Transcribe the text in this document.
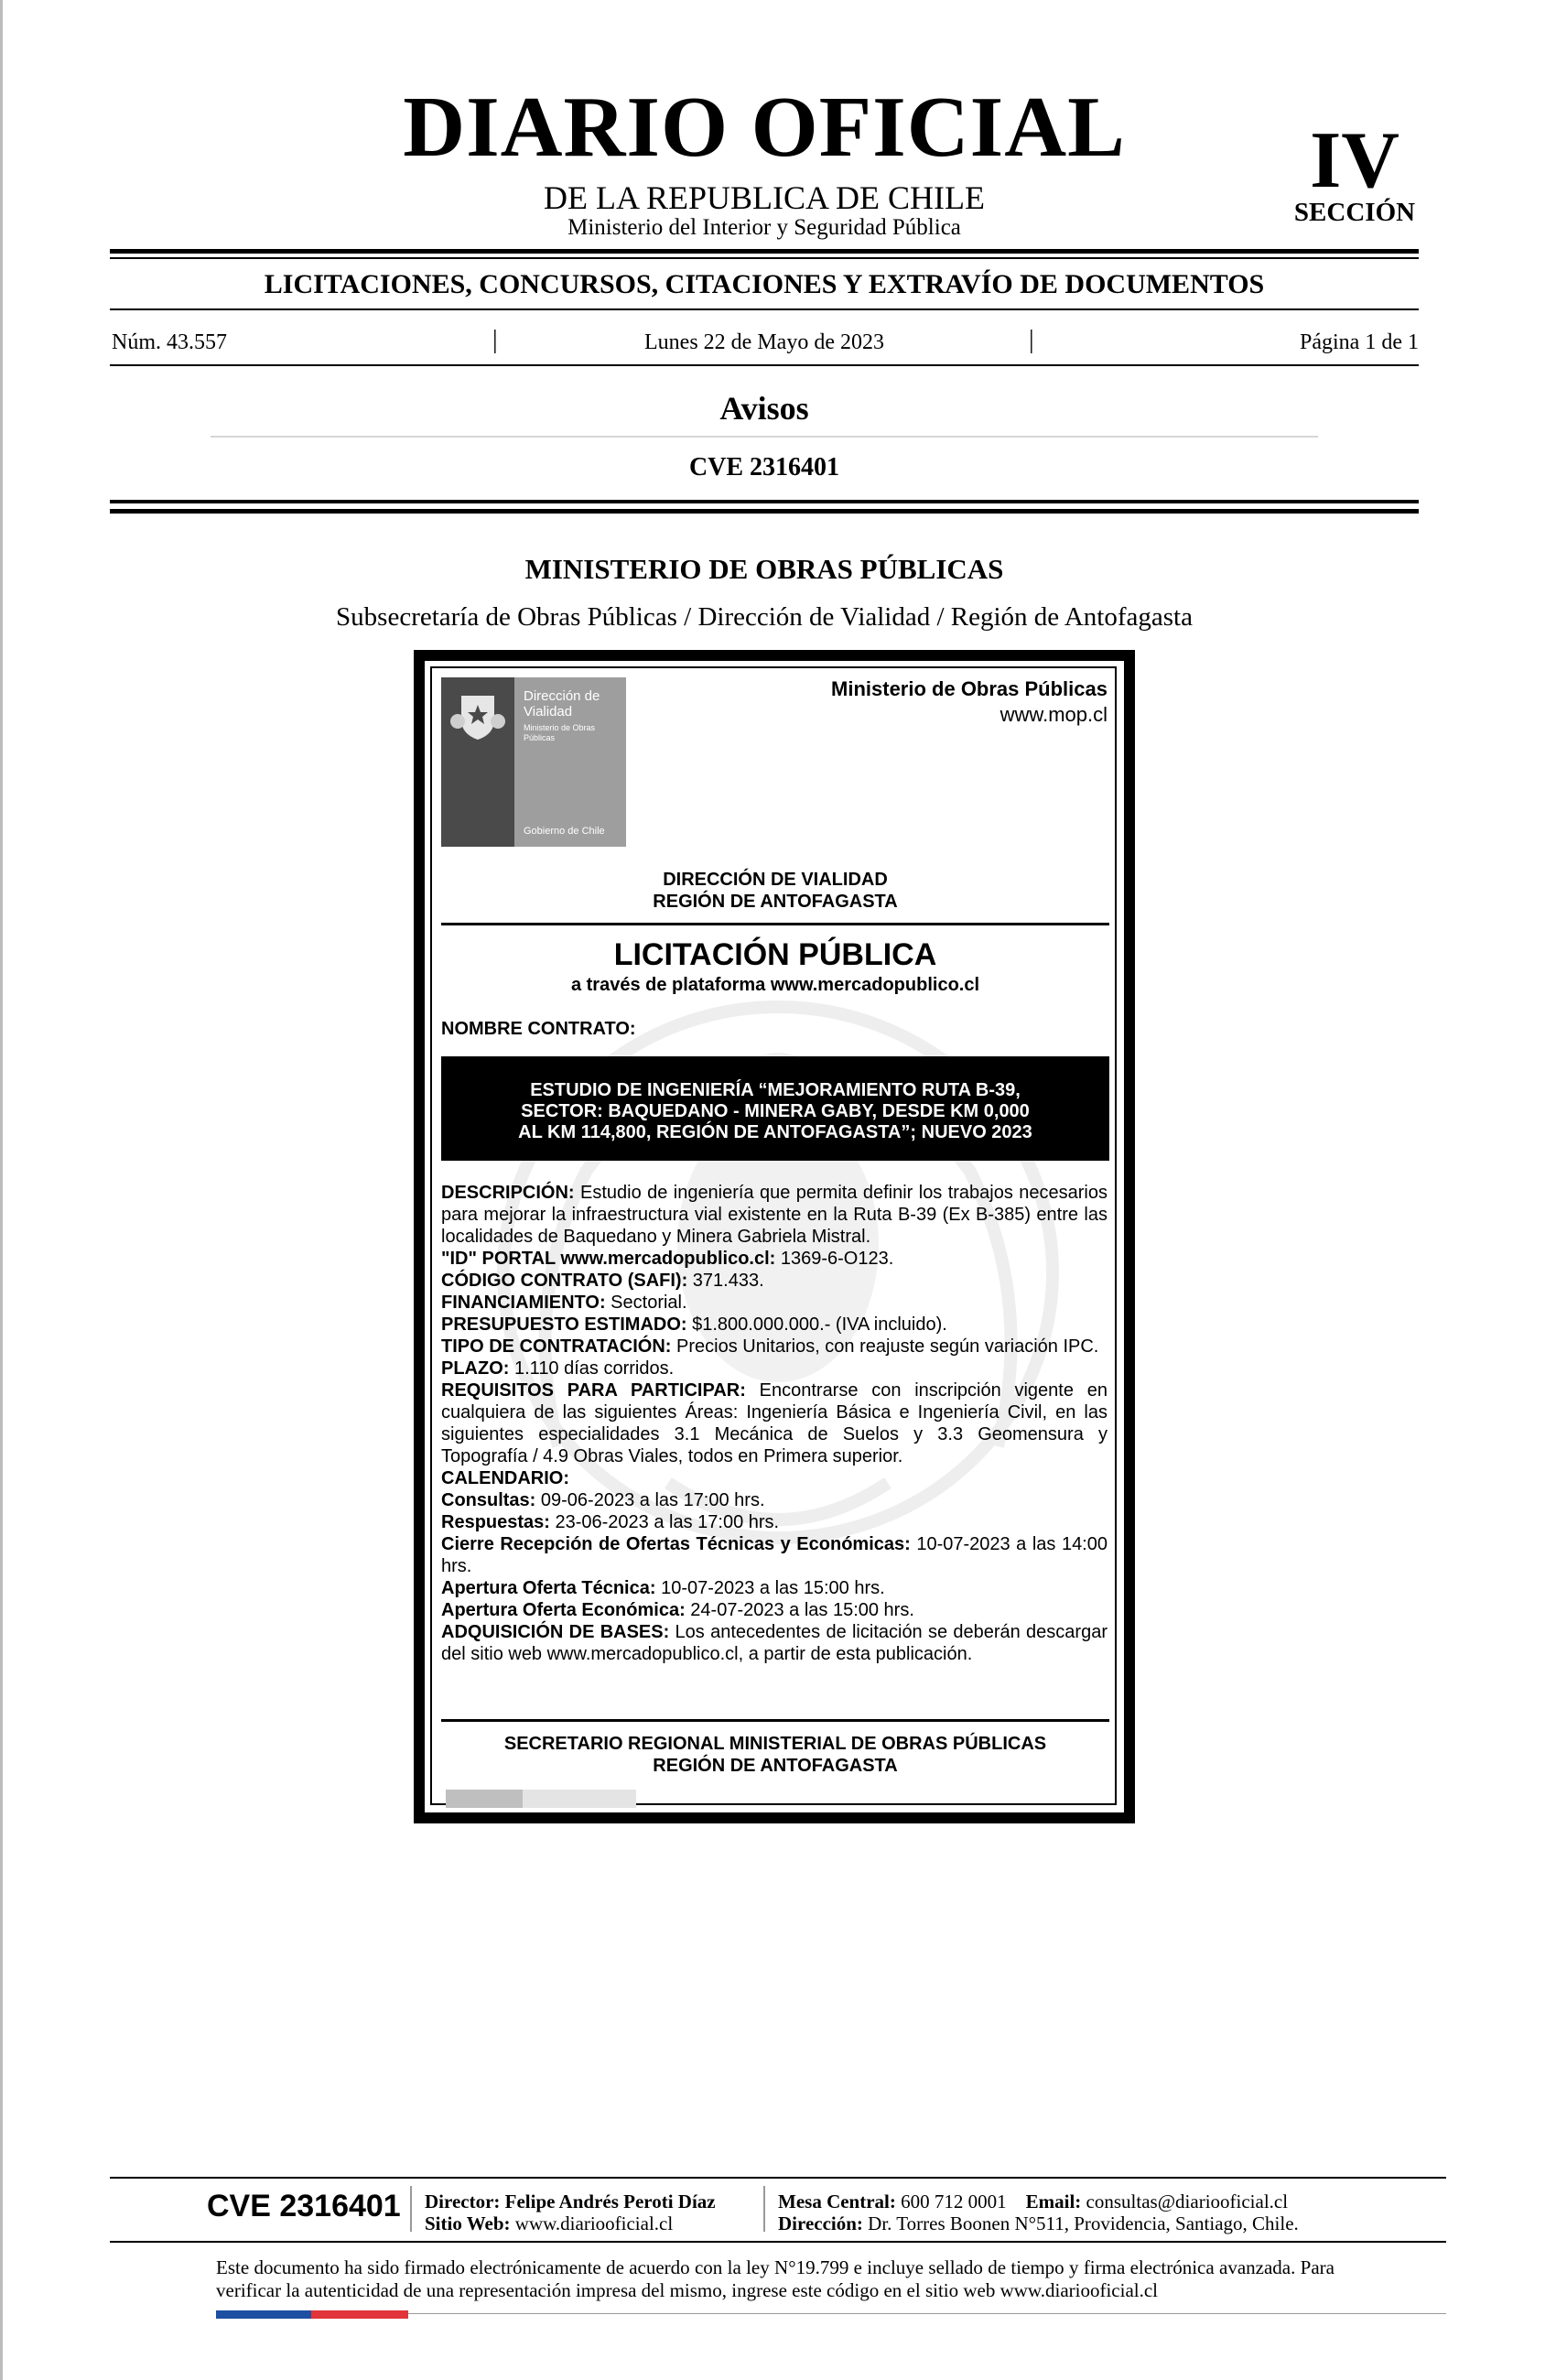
DIARIO OFICIAL
DE LA REPUBLICA DE CHILE
Ministerio del Interior y Seguridad Pública
IV
SECCIÓN
LICITACIONES, CONCURSOS, CITACIONES Y EXTRAVÍO DE DOCUMENTOS
Núm. 43.557	|	Lunes 22 de Mayo de 2023	|	Página 1 de 1
Avisos
CVE 2316401
MINISTERIO DE OBRAS PÚBLICAS
Subsecretaría de Obras Públicas / Dirección de Vialidad / Región de Antofagasta
Dirección de
Vialidad
Ministerio de Obras Públicas
Gobierno de Chile
Ministerio de Obras Públicas
www.mop.cl
DIRECCIÓN DE VIALIDAD
REGIÓN DE ANTOFAGASTA
LICITACIÓN PÚBLICA
a través de plataforma www.mercadopublico.cl
NOMBRE CONTRATO:
ESTUDIO DE INGENIERÍA “MEJORAMIENTO RUTA B-39,
SECTOR: BAQUEDANO - MINERA GABY, DESDE KM 0,000
AL KM 114,800, REGIÓN DE ANTOFAGASTA”; NUEVO 2023

DESCRIPCIÓN: Estudio de ingeniería que permita definir los trabajos necesarios para mejorar la infraestructura vial existente en la Ruta B-39 (Ex B-385) entre las localidades de Baquedano y Minera Gabriela Mistral.

"ID" PORTAL www.mercadopublico.cl: 1369-6-O123.

CÓDIGO CONTRATO (SAFI): 371.433.

FINANCIAMIENTO: Sectorial.

PRESUPUESTO ESTIMADO: $1.800.000.000.- (IVA incluido).

TIPO DE CONTRATACIÓN: Precios Unitarios, con reajuste según variación IPC.

PLAZO: 1.110 días corridos.

REQUISITOS PARA PARTICIPAR: Encontrarse con inscripción vigente en cualquiera de las siguientes Áreas: Ingeniería Básica e Ingeniería Civil, en las siguientes especialidades 3.1 Mecánica de Suelos y 3.3 Geomensura y Topografía / 4.9 Obras Viales, todos en Primera superior.

CALENDARIO:

Consultas: 09-06-2023 a las 17:00 hrs.

Respuestas: 23-06-2023 a las 17:00 hrs.

Cierre Recepción de Ofertas Técnicas y Económicas: 10-07-2023 a las 14:00 hrs.

Apertura Oferta Técnica: 10-07-2023 a las 15:00 hrs.

Apertura Oferta Económica: 24-07-2023 a las 15:00 hrs.

ADQUISICIÓN DE BASES: Los antecedentes de licitación se deberán descargar del sitio web www.mercadopublico.cl, a partir de esta publicación.

SECRETARIO REGIONAL MINISTERIAL DE OBRAS PÚBLICAS
REGIÓN DE ANTOFAGASTA
CVE 2316401 Director: Felipe Andrés Peroti Díaz
Sitio Web: www.diariooficial.cl
Mesa Central: 600 712 0001 Email: consultas@diariooficial.cl
Dirección: Dr. Torres Boonen N°511, Providencia, Santiago, Chile.
Este documento ha sido firmado electrónicamente de acuerdo con la ley N°19.799 e incluye sellado de tiempo y firma electrónica avanzada. Para verificar la autenticidad de una representación impresa del mismo, ingrese este código en el sitio web www.diariooficial.cl
